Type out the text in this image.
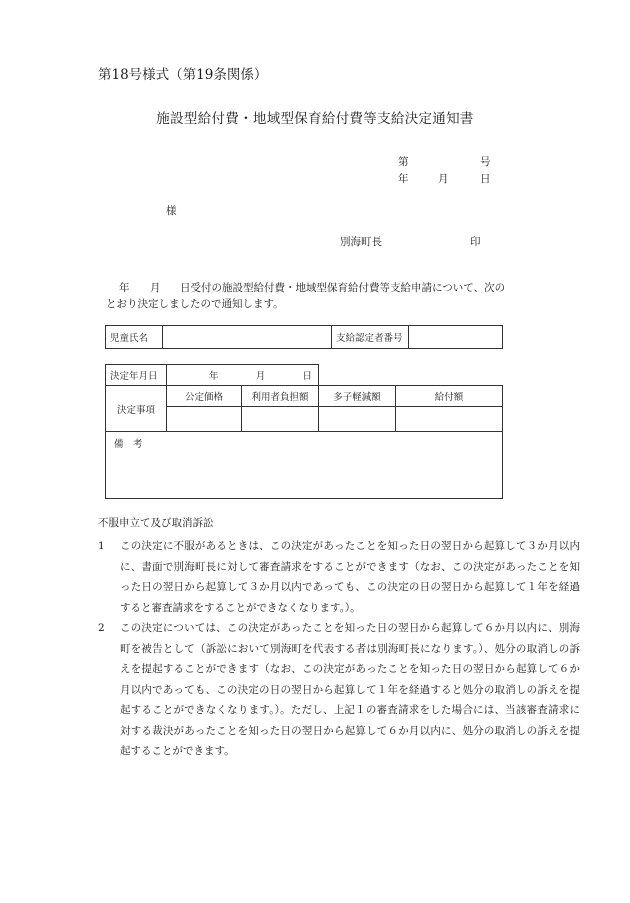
第18号様式（第19条関係）
施設型給付費・地域型保育給付費等支給決定通知書
第	号
年	月	日
様
別海町長	印
年 月 日受付の施設型給付費・地域型保育給付費等支給申請について、次の
とおり決定しましたので通知します。
児童氏名		支給認定者番号	
決定年月日	年 月 日			

決定事項	公定価格	利用者負担額	多子軽減額	給付額

備　考				
不服申立て及び取消訴訟
1	この決定に不服があるときは、この決定があったことを知った日の翌日から起算して３か月以内に、書面で別海町長に対して審査請求をすることができます（なお、この決定があったことを知った日の翌日から起算して３か月以内であっても、この決定の日の翌日から起算して１年を経過すると審査請求をすることができなくなります。）。
2	この決定については、この決定があったことを知った日の翌日から起算して６か月以内に、別海町を被告として（訴訟において別海町を代表する者は別海町長になります。）、処分の取消しの訴えを提起することができます（なお、この決定があったことを知った日の翌日から起算して６か月以内であっても、この決定の日の翌日から起算して１年を経過すると処分の取消しの訴えを提起することができなくなります。）。ただし、上記１の審査請求をした場合には、当該審査請求に対する裁決があったことを知った日の翌日から起算して６か月以内に、処分の取消しの訴えを提起することができます。
